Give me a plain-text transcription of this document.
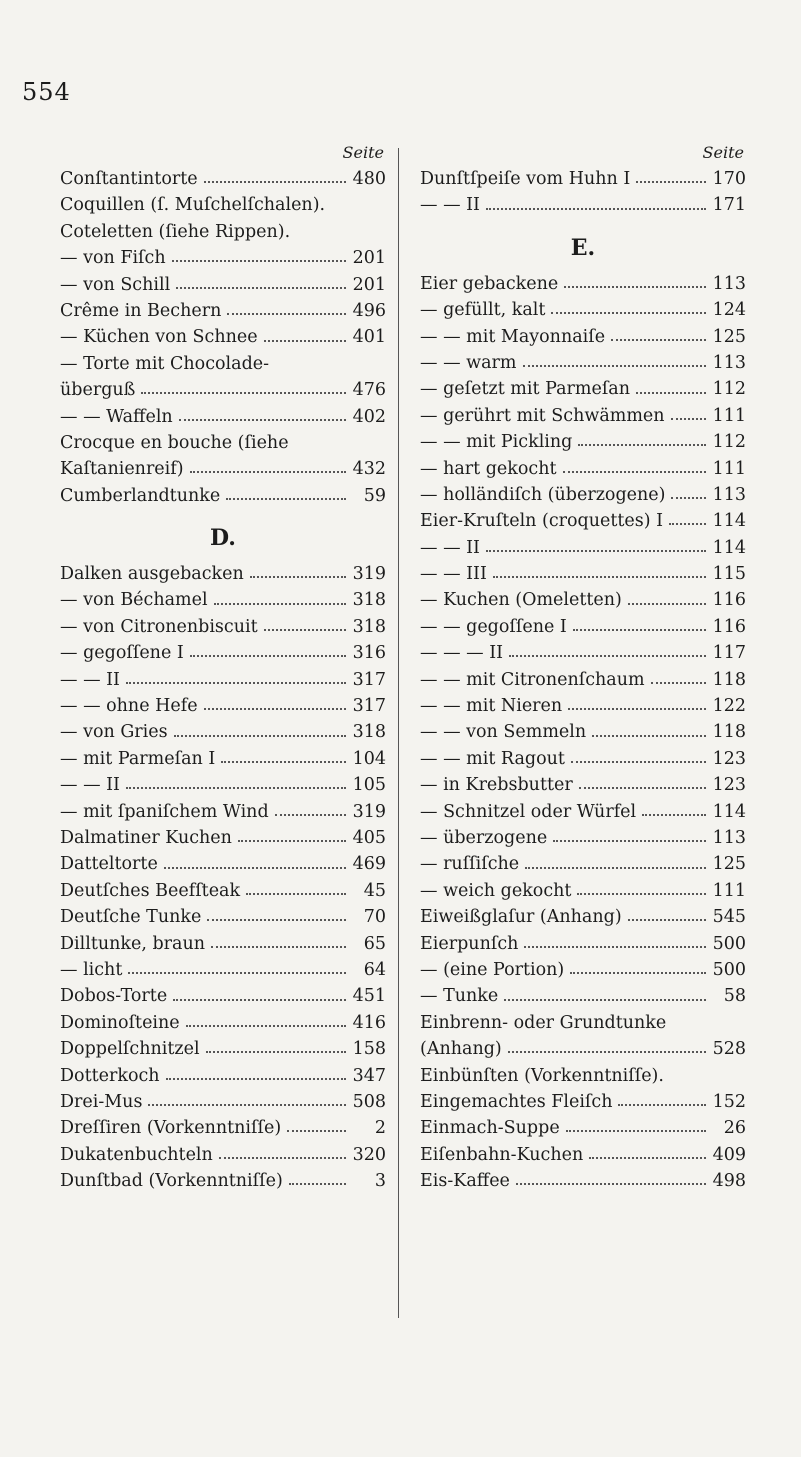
554
Seite
Conſtantintorte	480
Coquillen (ſ. Muſchelſchalen).
Coteletten (ſiehe Rippen).
— von Fiſch	201
— von Schill	201
Crême in Bechern	496
— Küchen von Schnee	401
— Torte mit Chocolade-
überguß	476
— — Waffeln	402
Crocque en bouche (ſiehe
Kaſtanienreif)	432
Cumberlandtunke	59
D.
Dalken ausgebacken	319
— von Béchamel	318
— von Citronenbiscuit	318
— gegoſſene I	316
— — II	317
— — ohne Hefe	317
— von Gries	318
— mit Parmeſan I	104
— — II	105
— mit ſpaniſchem Wind	319
Dalmatiner Kuchen	405
Datteltorte	469
Deutſches Beefſteak	45
Deutſche Tunke	70
Dilltunke, braun	65
— licht	64
Dobos-Torte	451
Dominoſteine	416
Doppelſchnitzel	158
Dotterkoch	347
Drei-Mus	508
Dreſſiren (Vorkenntniſſe)	2
Dukatenbuchteln	320
Dunſtbad (Vorkenntniſſe)	3
Seite
Dunſtſpeiſe vom Huhn I	170
— — II	171
E.
Eier gebackene	113
— gefüllt, kalt	124
— — mit Mayonnaiſe	125
— — warm	113
— geſetzt mit Parmeſan	112
— gerührt mit Schwämmen	111
— — mit Pickling	112
— hart gekocht	111
— holländiſch (überzogene)	113
Eier-Kruſteln (croquettes) I	114
— — II	114
— — III	115
— Kuchen (Omeletten)	116
— — gegoſſene I	116
— — — II	117
— — mit Citronenſchaum	118
— — mit Nieren	122
— — von Semmeln	118
— — mit Ragout	123
— in Krebsbutter	123
— Schnitzel oder Würfel	114
— überzogene	113
— ruſſiſche	125
— weich gekocht	111
Eiweißglaſur (Anhang)	545
Eierpunſch	500
— (eine Portion)	500
— Tunke	58
Einbrenn- oder Grundtunke
(Anhang)	528
Einbünſten (Vorkenntniſſe).
Eingemachtes Fleiſch	152
Einmach-Suppe	26
Eiſenbahn-Kuchen	409
Eis-Kaffee	498
